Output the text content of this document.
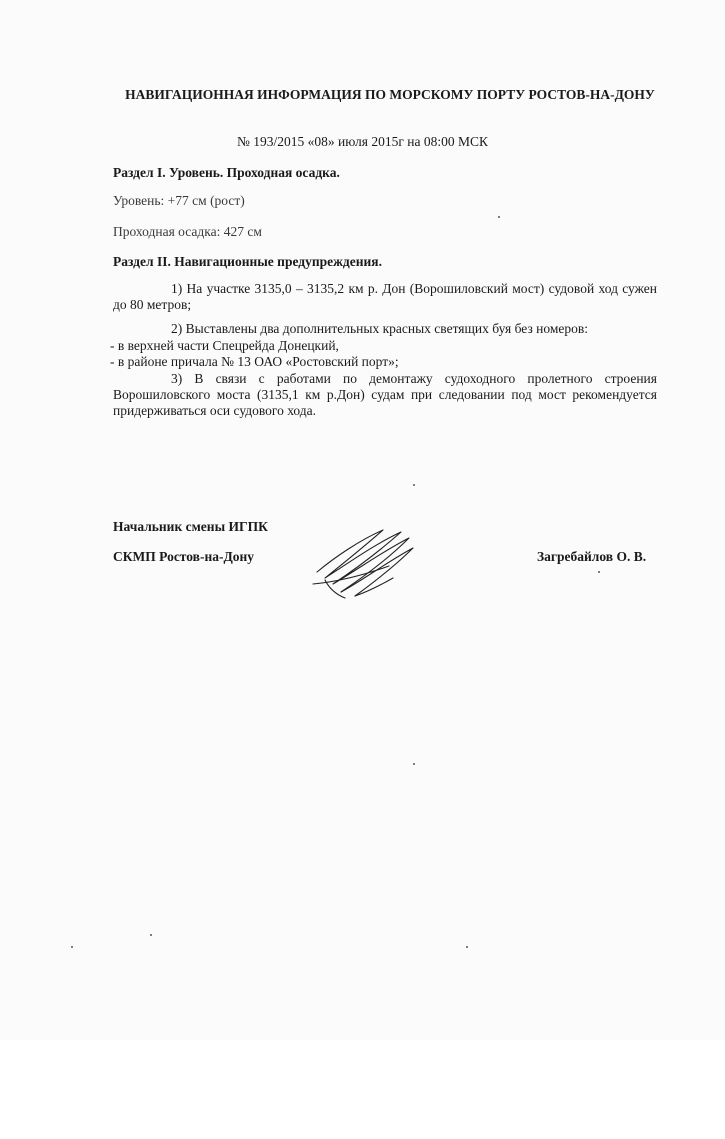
НАВИГАЦИОННАЯ ИНФОРМАЦИЯ ПО МОРСКОМУ ПОРТУ РОСТОВ-НА-ДОНУ
№ 193/2015 «08» июля 2015г на 08:00 МСК
Раздел I. Уровень. Проходная осадка.
Уровень: +77 см (рост)
Проходная осадка: 427 см
Раздел II. Навигационные предупреждения.
1) На участке 3135,0 – 3135,2 км р. Дон (Ворошиловский мост) судовой ход сужен до 80 метров;
2) Выставлены два дополнительных красных светящих буя без номеров:
- в верхней части Спецрейда Донецкий,
- в районе причала № 13 ОАО «Ростовский порт»;
3) В связи с работами по демонтажу судоходного пролетного строения Ворошиловского моста (3135,1 км р.Дон) судам при следовании под мост рекомендуется придерживаться оси судового хода.
Начальник смены ИГПК
СКМП Ростов-на-Дону	Загребайлов О. В.
